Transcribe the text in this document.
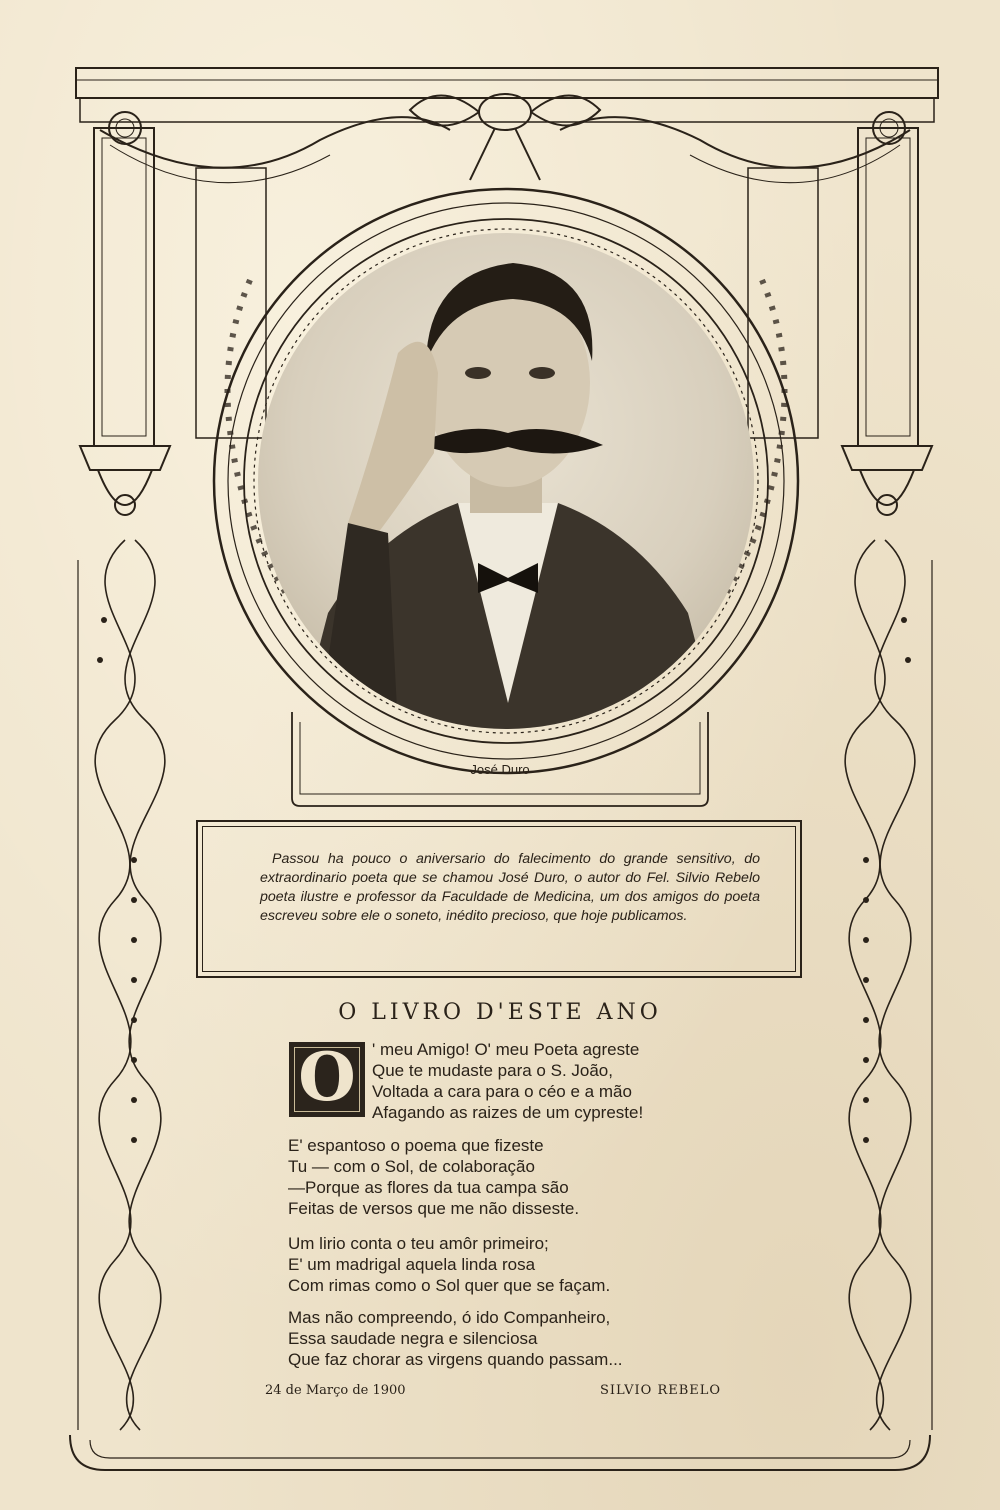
José Duro

Passou ha pouco o aniversario do falecimento do grande sensitivo, do extraordinario poeta que se chamou José Duro, o autor do Fel. Silvio Rebelo poeta ilustre e professor da Faculdade de Medicina, um dos amigos do poeta escreveu sobre ele o soneto, inédito precioso, que hoje publicamos.

O LIVRO D'ESTE ANO
O ' meu Amigo! O' meu Poeta agreste
Que te mudaste para o S. João,
Voltada a cara para o céo e a mão
Afagando as raizes de um cypreste!
E' espantoso o poema que fizeste
Tu — com o Sol, de colaboração
—Porque as flores da tua campa são
Feitas de versos que me não disseste.
Um lirio conta o teu amôr primeiro;
E' um madrigal aquela linda rosa
Com rimas como o Sol quer que se façam.
Mas não compreendo, ó ido Companheiro,
Essa saudade negra e silenciosa
Que faz chorar as virgens quando passam...
24 de Março de 1900	SILVIO REBELO
